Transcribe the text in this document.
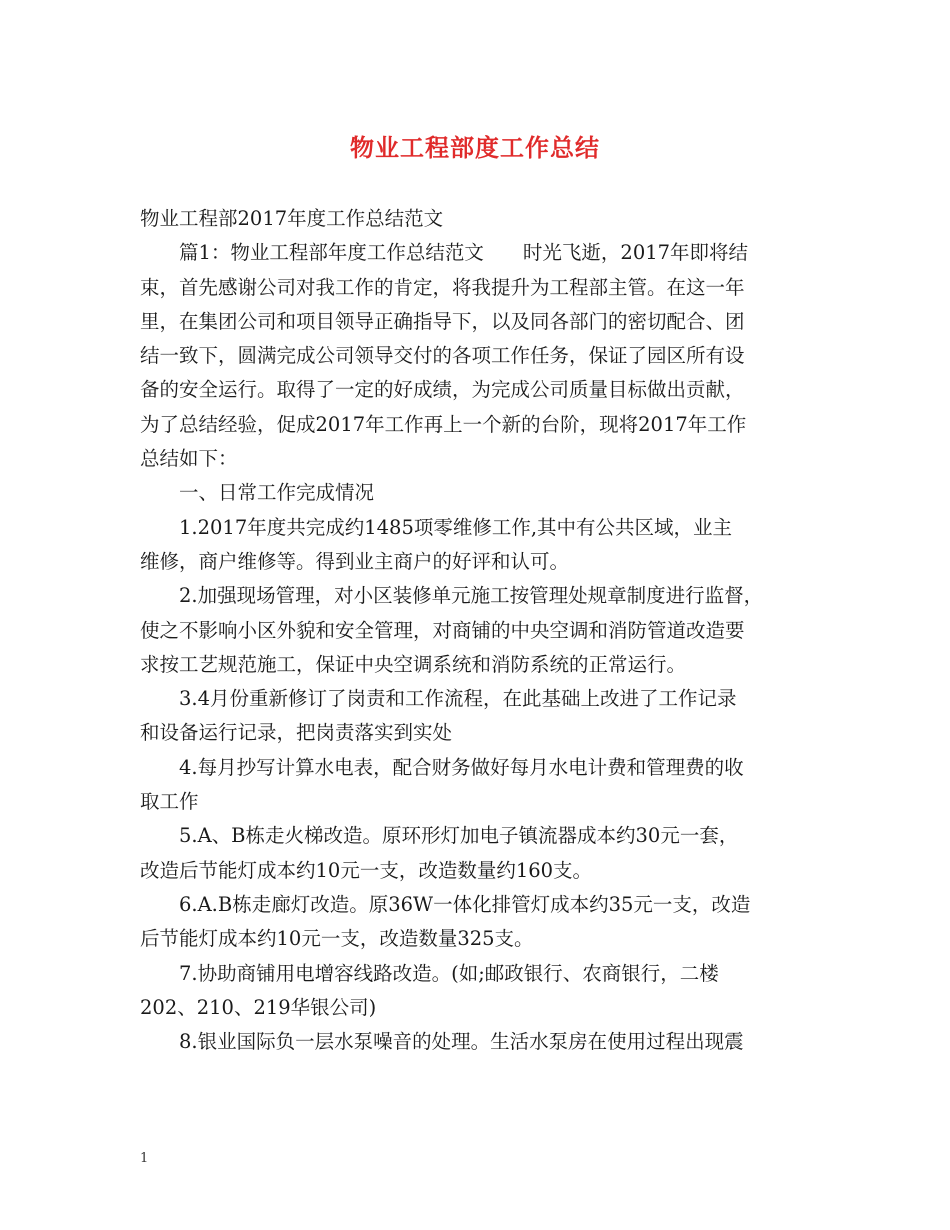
物业工程部度工作总结
物业工程部2017年度工作总结范文
　　篇1：物业工程部年度工作总结范文　　时光飞逝，2017年即将结
束，首先感谢公司对我工作的肯定，将我提升为工程部主管。在这一年
里，在集团公司和项目领导正确指导下，以及同各部门的密切配合、团
结一致下，圆满完成公司领导交付的各项工作任务，保证了园区所有设
备的安全运行。取得了一定的好成绩，为完成公司质量目标做出贡献，
为了总结经验，促成2017年工作再上一个新的台阶，现将2017年工作
总结如下：
　　一、日常工作完成情况
　　1.2017年度共完成约1485项零维修工作,其中有公共区域，业主
维修，商户维修等。得到业主商户的好评和认可。
　　2.加强现场管理，对小区装修单元施工按管理处规章制度进行监督，
使之不影响小区外貌和安全管理，对商铺的中央空调和消防管道改造要
求按工艺规范施工，保证中央空调系统和消防系统的正常运行。
　　3.4月份重新修订了岗责和工作流程，在此基础上改进了工作记录
和设备运行记录，把岗责落实到实处
　　4.每月抄写计算水电表，配合财务做好每月水电计费和管理费的收
取工作
　　5.A、B栋走火梯改造。原环形灯加电子镇流器成本约30元一套，
改造后节能灯成本约10元一支，改造数量约160支。
　　6.A.B栋走廊灯改造。原36W一体化排管灯成本约35元一支，改造
后节能灯成本约10元一支，改造数量325支。
　　7.协助商铺用电增容线路改造。(如;邮政银行、农商银行，二楼
202、210、219华银公司)
　　8.银业国际负一层水泵噪音的处理。生活水泵房在使用过程出现震
1
